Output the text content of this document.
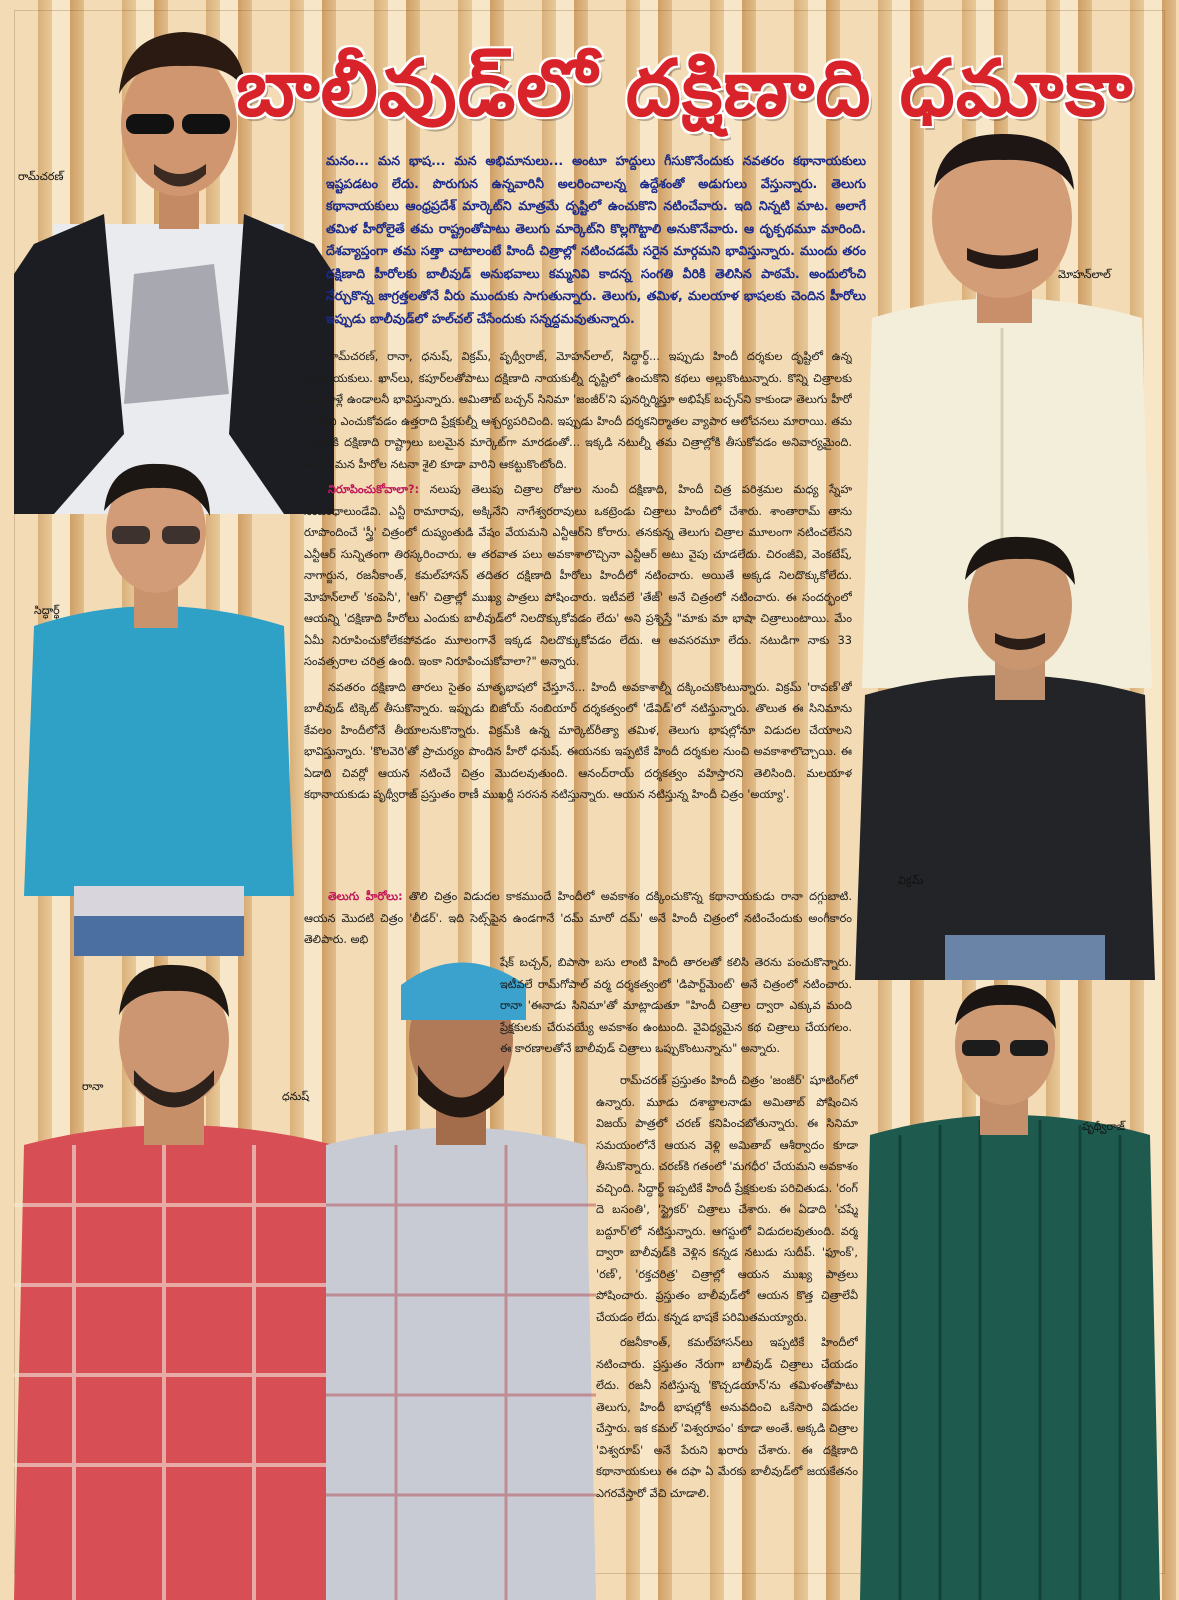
బాలీవుడ్‌లో దక్షిణాది ధమాకా
మనం... మన భాష... మన అభిమానులు... అంటూ హద్దులు గీసుకొనేందుకు నవతరం కథానాయకులు ఇష్టపడటం లేదు. పొరుగున ఉన్నవారినీ అలరించాలన్న ఉద్దేశంతో అడుగులు వేస్తున్నారు. తెలుగు కథానాయకులు ఆంధ్రప్రదేశ్‌ మార్కెట్‌ని మాత్రమే దృష్టిలో ఉంచుకొని నటించేవారు. ఇది నిన్నటి మాట. అలాగే తమిళ హీరోలైతే తమ రాష్ట్రంతోపాటు తెలుగు మార్కెట్‌ని కొల్లగొట్టాలి అనుకొనేవారు. ఆ దృక్పథమూ మారింది. దేశవ్యాప్తంగా తమ సత్తా చాటాలంటే హిందీ చిత్రాల్లో నటించడమే సరైన మార్గమని భావిస్తున్నారు. ముందు తరం దక్షిణాది హీరోలకు బాలీవుడ్‌ అనుభవాలు కమ్మనివి కాదన్న సంగతి వీరికి తెలిసిన పాఠమే. అందులోంచి నేర్చుకొన్న జాగ్రత్తలతోనే వీరు ముందుకు సాగుతున్నారు. తెలుగు, తమిళ, మలయాళ భాషలకు చెందిన హీరోలు ఇప్పుడు బాలీవుడ్‌లో హల్‌చల్‌ చేసేందుకు సన్నద్ధమవుతున్నారు.

రామ్‌చరణ్‌, రానా, ధనుష్‌, విక్రమ్‌, పృథ్వీరాజ్‌, మోహన్‌లాల్‌, సిద్ధార్థ్‌... ఇప్పుడు హిందీ దర్శకుల దృష్టిలో ఉన్న కథానాయకులు. ఖాన్‌లు, కపూర్‌లతోపాటు దక్షిణాది నాయకుల్నీ దృష్టిలో ఉంచుకొని కథలు అల్లుకొంటున్నారు. కొన్ని చిత్రాలకు మనవాళ్లే ఉండాలనీ భావిస్తున్నారు. అమితాబ్‌ బచ్చన్‌ సినిమా 'జంజీర్‌'ని పునర్నిర్మిస్తూ అభిషేక్‌ బచ్చన్‌ని కాకుండా తెలుగు హీరో చరణ్‌ని ఎంచుకోవడం ఉత్తరాది ప్రేక్షకుల్నీ ఆశ్చర్యపరిచింది. ఇప్పుడు హిందీ దర్శకనిర్మాతల వ్యాపార ఆలోచనలు మారాయి. తమ చిత్రాలకి దక్షిణాది రాష్ట్రాలు బలమైన మార్కెట్‌గా మారడంతో... ఇక్కడి నటుల్నీ తమ చిత్రాల్లోకి తీసుకోవడం అనివార్యమైంది. అలాగే మన హీరోల నటనా శైలి కూడా వారిని ఆకట్టుకొంటోంది.

నిరూపించుకోవాలా?: నలుపు తెలుపు చిత్రాల రోజుల నుంచీ దక్షిణాది, హిందీ చిత్ర పరిశ్రమల మధ్య స్నేహ సంబంధాలుండేవి. ఎన్టీ రామారావు, అక్కినేని నాగేశ్వరరావులు ఒకట్రెండు చిత్రాలు హిందీలో చేశారు. శాంతారామ్‌ తాను రూపొందించే 'స్త్రీ' చిత్రంలో దుష్యంతుడి వేషం వేయమని ఎన్టీఆర్‌ని కోరారు. తనకున్న తెలుగు చిత్రాల మూలంగా నటించలేనని ఎన్టీఆర్‌ సున్నితంగా తిరస్కరించారు. ఆ తరవాత పలు అవకాశాలొచ్చినా ఎన్టీఆర్‌ అటు వైపు చూడలేదు. చిరంజీవి, వెంకటేష్‌, నాగార్జున, రజనీకాంత్‌, కమల్‌హాసన్‌ తదితర దక్షిణాది హీరోలు హిందీలో నటించారు. అయితే అక్కడ నిలదొక్కుకోలేదు. మోహన్‌లాల్‌ 'కంపెనీ', 'ఆగ్‌' చిత్రాల్లో ముఖ్య పాత్రలు పోషించారు. ఇటీవలే 'తేజ్‌' అనే చిత్రంలో నటించారు. ఈ సందర్భంలో ఆయన్ని 'దక్షిణాది హీరోలు ఎందుకు బాలీవుడ్‌లో నిలదొక్కుకోవడం లేదు' అని ప్రశ్నిస్తే "మాకు మా భాషా చిత్రాలుంటాయి. మేం ఏమీ నిరూపించుకోలేకపోవడం మూలంగానే ఇక్కడ నిలదొక్కుకోవడం లేదు. ఆ అవసరమూ లేదు. నటుడిగా నాకు 33 సంవత్సరాల చరిత్ర ఉంది. ఇంకా నిరూపించుకోవాలా?" అన్నారు.

నవతరం దక్షిణాది తారలు సైతం మాతృభాషలో చేస్తూనే... హిందీ అవకాశాల్నీ దక్కించుకొంటున్నారు. విక్రమ్‌ 'రావణ్‌'తో బాలీవుడ్‌ టిక్కెట్‌ తీసుకొన్నారు. ఇప్పుడు బిజోయ్‌ నంబియార్‌ దర్శకత్వంలో 'డేవిడ్‌'లో నటిస్తున్నారు. తొలుత ఈ సినిమాను కేవలం హిందీలోనే తీయాలనుకొన్నారు. విక్రమ్‌కి ఉన్న మార్కెట్‌రీత్యా తమిళ, తెలుగు భాషల్లోనూ విడుదల చేయాలని భావిస్తున్నారు. 'కొలవెరి'తో ప్రాచుర్యం పొందిన హీరో ధనుష్‌. ఈయనకు ఇప్పటికే హిందీ దర్శకుల నుంచి అవకాశాలొచ్చాయి. ఈ ఏడాది చివర్లో ఆయన నటించే చిత్రం మొదలవుతుంది. ఆనంద్‌రాయ్‌ దర్శకత్వం వహిస్తారని తెలిసింది. మలయాళ కథానాయకుడు పృథ్వీరాజ్‌ ప్రస్తుతం రాణీ ముఖర్జీ సరసన నటిస్తున్నారు. ఆయన నటిస్తున్న హిందీ చిత్రం 'అయ్యా'.

తెలుగు హీరోలు: తొలి చిత్రం విడుదల కాకముందే హిందీలో అవకాశం దక్కించుకొన్న కథానాయకుడు రానా దగ్గుబాటి. ఆయన మొదటి చిత్రం 'లీడర్‌'. ఇది సెట్స్‌పైన ఉండగానే 'దమ్‌ మారో దమ్‌' అనే హిందీ చిత్రంలో నటించేందుకు అంగీకారం తెలిపారు. అభి

షేక్‌ బచ్చన్‌, బిపాసా బసు లాంటి హిందీ తారలతో కలిసి తెరను పంచుకొన్నారు. ఇటీవలే రామ్‌గోపాల్‌ వర్మ దర్శకత్వంలో 'డిపార్ట్‌మెంట్‌' అనే చిత్రంలో నటించారు. రానా 'ఈనాడు సినిమా'తో మాట్లాడుతూ "హిందీ చిత్రాల ద్వారా ఎక్కువ మంది ప్రేక్షకులకు చేరువయ్యే అవకాశం ఉంటుంది. వైవిధ్యమైన కథ చిత్రాలు చేయగలం. ఈ కారణాలతోనే బాలీవుడ్‌ చిత్రాలు ఒప్పుకొంటున్నాను" అన్నారు.

రామ్‌చరణ్‌ ప్రస్తుతం హిందీ చిత్రం 'జంజీర్‌' షూటింగ్‌లో ఉన్నారు. మూడు దశాబ్దాలనాడు అమితాబ్‌ పోషించిన విజయ్‌ పాత్రలో చరణ్‌ కనిపించబోతున్నారు. ఈ సినిమా సమయంలోనే ఆయన వెళ్లి అమితాబ్‌ ఆశీర్వాదం కూడా తీసుకొన్నారు. చరణ్‌కి గతంలో 'మగధీర' చేయమని అవకాశం వచ్చింది. సిద్ధార్థ్‌ ఇప్పటికే హిందీ ప్రేక్షకులకు పరిచితుడు. 'రంగ్‌ దె బసంతి', 'స్ట్రైకర్‌' చిత్రాలు చేశారు. ఈ ఏడాది 'చష్మే బద్దూర్‌'లో నటిస్తున్నారు. ఆగస్టులో విడుదలవుతుంది. వర్మ ద్వారా బాలీవుడ్‌కి వెళ్లిన కన్నడ నటుడు సుదీప్‌. 'ఫూంక్‌', 'రణ్‌', 'రక్తచరిత్ర' చిత్రాల్లో ఆయన ముఖ్య పాత్రలు పోషించారు. ప్రస్తుతం బాలీవుడ్‌లో ఆయన కొత్త చిత్రాలేవీ చేయడం లేదు. కన్నడ భాషకే పరిమితమయ్యారు.

రజనీకాంత్‌, కమల్‌హాసన్‌లు ఇప్పటికే హిందీలో నటించారు. ప్రస్తుతం నేరుగా బాలీవుడ్‌ చిత్రాలు చేయడం లేదు. రజనీ నటిస్తున్న 'కొచ్చడయాన్‌'ను తమిళంతోపాటు తెలుగు, హిందీ భాషల్లోకీ అనువదించి ఒకేసారి విడుదల చేస్తారు. ఇక కమల్‌ 'విశ్వరూపం' కూడా అంతే. అక్కడి చిత్రాల 'విశ్వరూప్‌' అనే పేరుని ఖరారు చేశారు. ఈ దక్షిణాది కథానాయకులు ఈ దఫా ఏ మేరకు బాలీవుడ్‌లో జయకేతనం ఎగరవేస్తారో వేచి చూడాలి.

రామ్‌చరణ్‌
మోహన్‌లాల్‌
సిద్ధార్థ్‌
విక్రమ్‌
రానా
ధనుష్‌
పృథ్వీరాజ్‌
